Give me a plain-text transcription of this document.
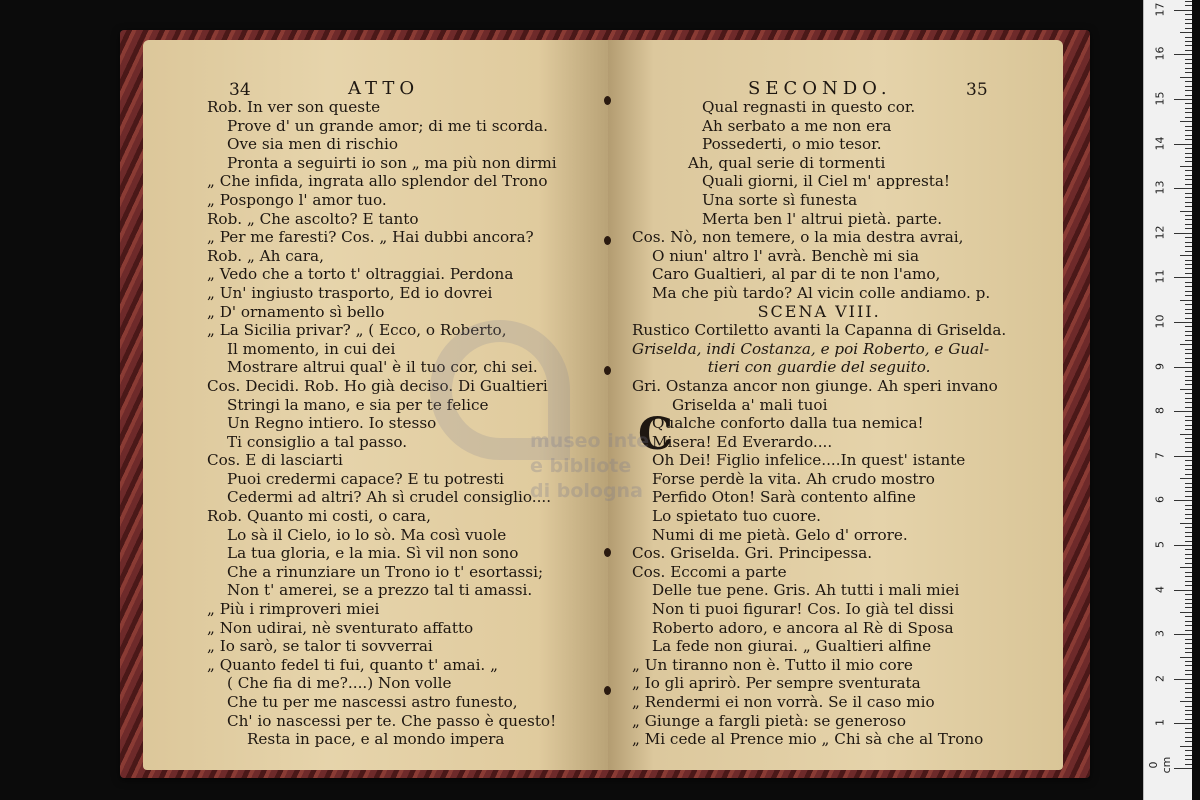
34	ATTO
Rob. In ver son queste
Prove d' un grande amor; di me ti scorda.
Ove sia men di rischio
Pronta a seguirti io son „ ma più non dirmi
„ Che infida, ingrata allo splendor del Trono
„ Pospongo l' amor tuo.
Rob. „ Che ascolto? E tanto
„ Per me faresti? Cos. „ Hai dubbi ancora?
Rob. „ Ah cara,
„ Vedo che a torto t' oltraggiai. Perdona
„ Un' ingiusto trasporto, Ed io dovrei
„ D' ornamento sì bello
„ La Sicilia privar? „ ( Ecco, o Roberto,
Il momento, in cui dei
Mostrare altrui qual' è il tuo cor, chi sei.
Cos. Decidi. Rob. Ho già deciso. Di Gualtieri
Stringi la mano, e sia per te felice
Un Regno intiero. Io stesso
Ti consiglio a tal passo.
Cos. E di lasciarti
Puoi credermi capace? E tu potresti
Cedermi ad altri? Ah sì crudel consiglio....
Rob. Quanto mi costi, o cara,
Lo sà il Cielo, io lo sò. Ma così vuole
La tua gloria, e la mia. Sì vil non sono
Che a rinunziare un Trono io t' esortassi;
Non t' amerei, se a prezzo tal ti amassi.
„ Più i rimproveri miei
„ Non udirai, nè sventurato affatto
„ Io sarò, se talor ti sovverrai
„ Quanto fedel ti fui, quanto t' amai. „
( Che fia di me?....) Non volle
Che tu per me nascessi astro funesto,
Ch' io nascessi per te. Che passo è questo!
Resta in pace, e al mondo impera
SECONDO.	35
C
Qual regnasti in questo cor.
Ah serbato a me non era
Possederti, o mio tesor.
Ah, qual serie di tormenti
Quali giorni, il Ciel m' appresta!
Una sorte sì funesta
Merta ben l' altrui pietà. parte.
Cos. Nò, non temere, o la mia destra avrai,
O niun' altro l' avrà. Benchè mi sia
Caro Gualtieri, al par di te non l'amo,
Ma che più tardo? Al vicin colle andiamo. p.
SCENA VIII.
Rustico Cortiletto avanti la Capanna di Griselda.
Griselda, indi Costanza, e poi Roberto, e Gual-
tieri con guardie del seguito.
Gri. Ostanza ancor non giunge. Ah speri invano
Griselda a' mali tuoi
Qualche conforto dalla tua nemica!
Misera! Ed Everardo....
Oh Dei! Figlio infelice....In quest' istante
Forse perdè la vita. Ah crudo mostro
Perfido Oton! Sarà contento alfine
Lo spietato tuo cuore.
Numi di me pietà. Gelo d' orrore.
Cos. Griselda. Gri. Principessa.
Cos. Eccomi a parte
Delle tue pene. Gris. Ah tutti i mali miei
Non ti puoi figurar! Cos. Io già tel dissi
Roberto adoro, e ancora al Rè di Sposa
La fede non giurai. „ Gualtieri alfine
„ Un tiranno non è. Tutto il mio core
„ Io gli aprirò. Per sempre sventurata
„ Rendermi ei non vorrà. Se il caso mio
„ Giunge a fargli pietà: se generoso
„ Mi cede al Prence mio „ Chi sà che al Trono
museo inte
e bibliote
di bologna
0 cm
1
2
3
4
5
6
7
8
9
10
11
12
13
14
15
16
17
